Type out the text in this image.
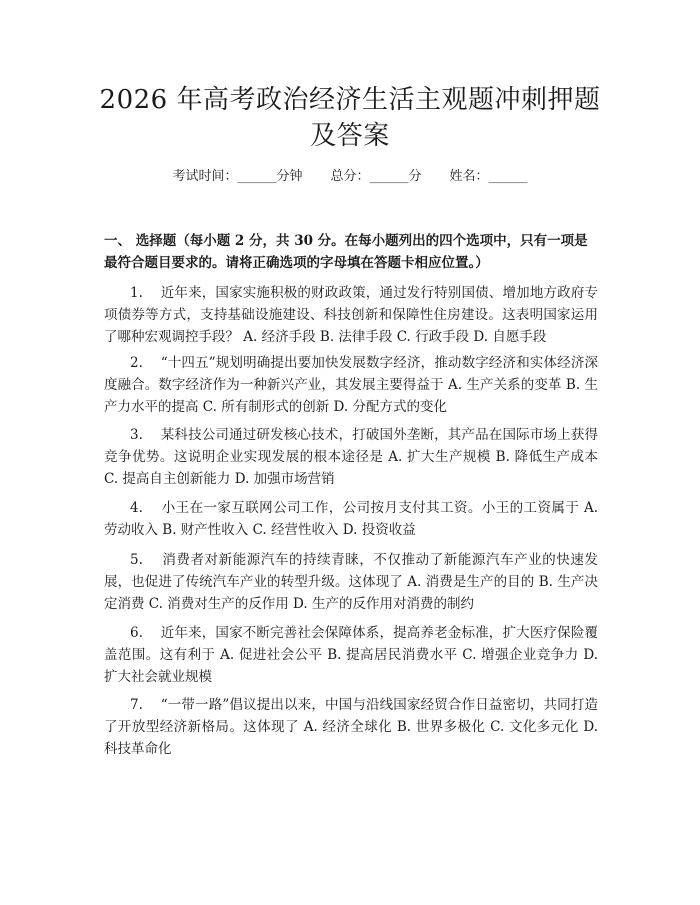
2026 年高考政治经济生活主观题冲刺押题及答案
考试时间：______分钟 总分：______分 姓名：______
一、 选择题（每小题 2 分，共 30 分。在每小题列出的四个选项中，只有一项是最符合题目要求的。请将正确选项的字母填在答题卡相应位置。）
1. 近年来，国家实施积极的财政政策，通过发行特别国债、增加地方政府专项债券等方式，支持基础设施建设、科技创新和保障性住房建设。这表明国家运用了哪种宏观调控手段？ A. 经济手段 B. 法律手段 C. 行政手段 D. 自愿手段
2. “十四五”规划明确提出要加快发展数字经济，推动数字经济和实体经济深度融合。数字经济作为一种新兴产业，其发展主要得益于 A. 生产关系的变革 B. 生产力水平的提高 C. 所有制形式的创新 D. 分配方式的变化
3. 某科技公司通过研发核心技术，打破国外垄断，其产品在国际市场上获得竞争优势。这说明企业实现发展的根本途径是 A. 扩大生产规模 B. 降低生产成本 C. 提高自主创新能力 D. 加强市场营销
4. 小王在一家互联网公司工作，公司按月支付其工资。小王的工资属于 A. 劳动收入 B. 财产性收入 C. 经营性收入 D. 投资收益
5. 消费者对新能源汽车的持续青睐，不仅推动了新能源汽车产业的快速发展，也促进了传统汽车产业的转型升级。这体现了 A. 消费是生产的目的 B. 生产决定消费 C. 消费对生产的反作用 D. 生产的反作用对消费的制约
6. 近年来，国家不断完善社会保障体系，提高养老金标准，扩大医疗保险覆盖范围。这有利于 A. 促进社会公平 B. 提高居民消费水平 C. 增强企业竞争力 D. 扩大社会就业规模
7. “一带一路”倡议提出以来，中国与沿线国家经贸合作日益密切，共同打造了开放型经济新格局。这体现了 A. 经济全球化 B. 世界多极化 C. 文化多元化 D. 科技革命化
